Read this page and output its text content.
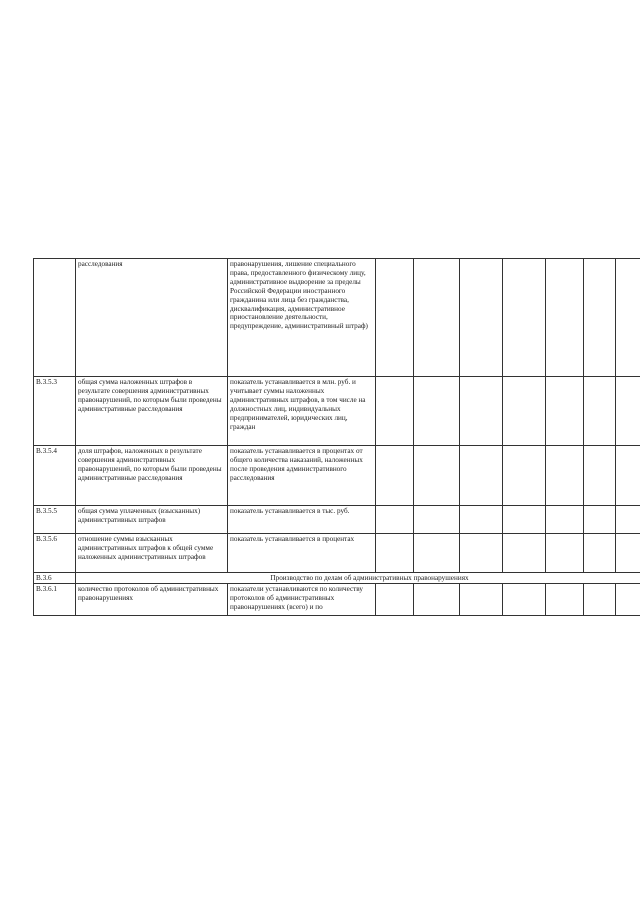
	расследования	правонарушения, лишение специального права, предоставленного физическому лицу, административное выдворение за пределы Российской Федерации иностранного гражданина или лица без гражданства, дисквалификация, административное приостановление деятельности, предупреждение, административный штраф)							
В.3.5.3	общая сумма наложенных штрафов в результате совершения административных правонарушений, по которым были проведены административные расследования	показатель устанавливается в млн. руб. и учитывает суммы наложенных административных штрафов, в том числе на должностных лиц, индивидуальных предпринимателей, юридических лиц, граждан							
В.3.5.4	доля штрафов, наложенных в результате совершения административных правонарушений, по которым были проведены административные расследования	показатель устанавливается в процентах от общего количества наказаний, наложенных после проведения административного расследования							
В.3.5.5	общая сумма уплаченных (взысканных) административных штрафов	показатель устанавливается в тыс. руб.							
В.3.5.6	отношение суммы взысканных административных штрафов к общей сумме наложенных административных штрафов	показатель устанавливается в процентах							
В.3.6	Производство по делам об административных правонарушениях								
В.3.6.1	количество протоколов об административных правонарушениях	показатели устанавливаются по количеству протоколов об административных правонарушениях (всего) и по							
